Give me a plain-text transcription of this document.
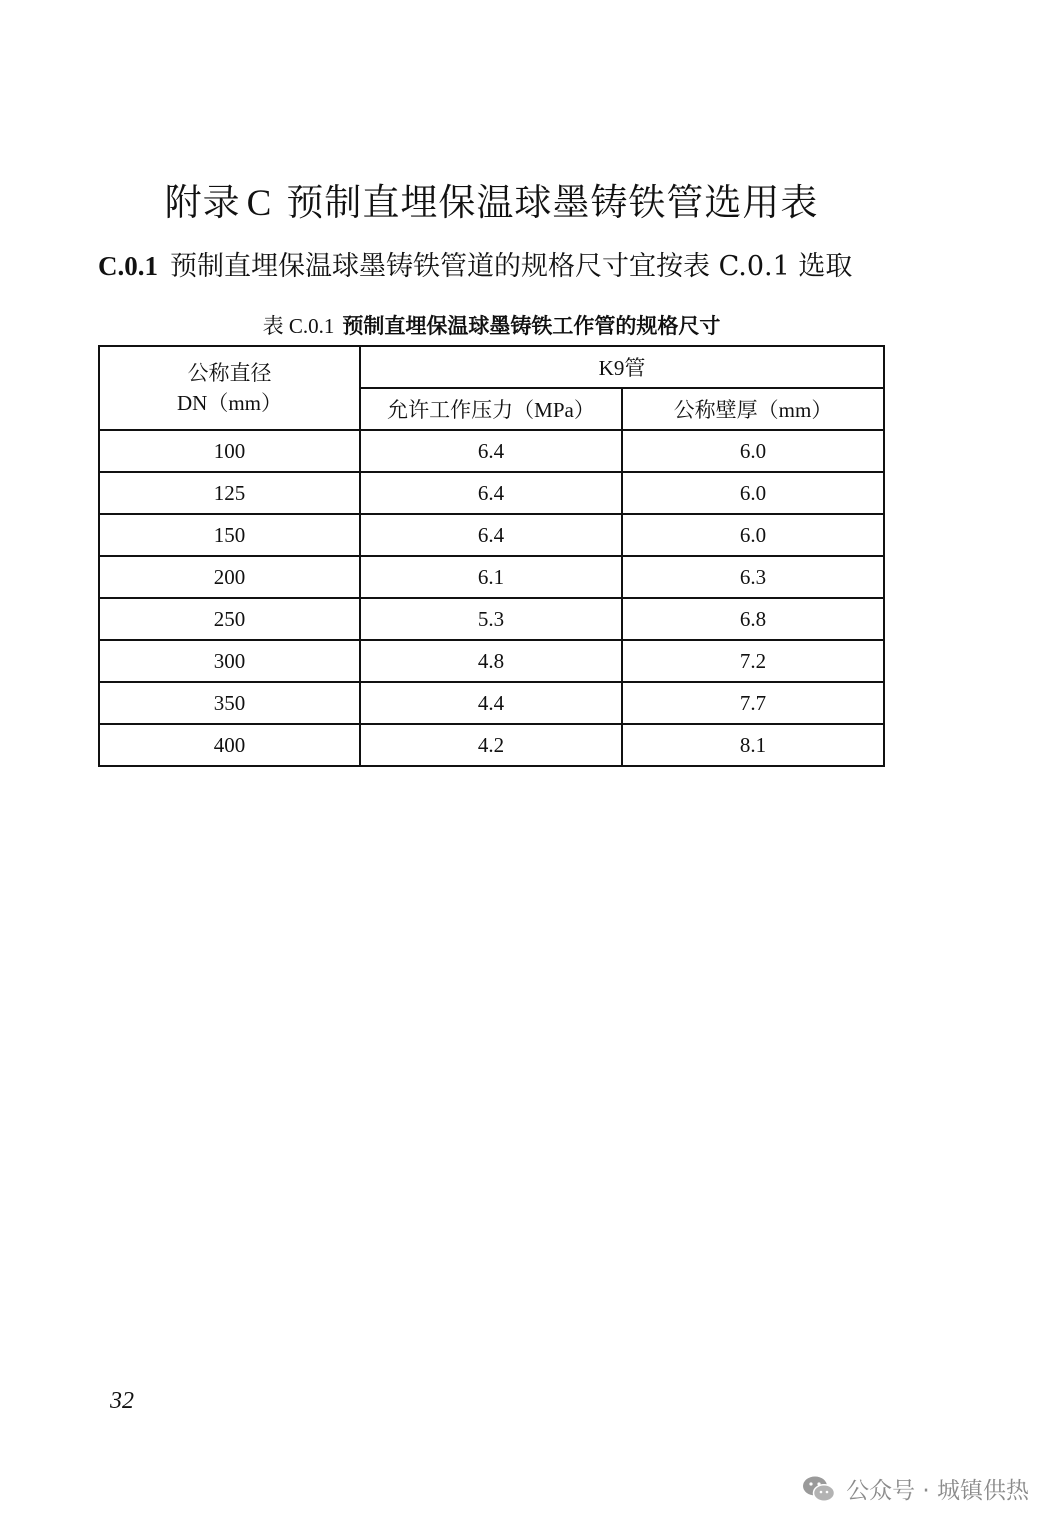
附录 C 预制直埋保温球墨铸铁管选用表
C.0.1 预制直埋保温球墨铸铁管道的规格尺寸宜按表 C.0.1 选取
表 C.0.1 预制直埋保温球墨铸铁工作管的规格尺寸
公称直径
DN（mm）	K9管	
	允许工作压力（MPa）	公称壁厚（mm）
100	6.4	6.0
125	6.4	6.0
150	6.4	6.0
200	6.1	6.3
250	5.3	6.8
300	4.8	7.2
350	4.4	7.7
400	4.2	8.1
32
公众号 · 城镇供热
